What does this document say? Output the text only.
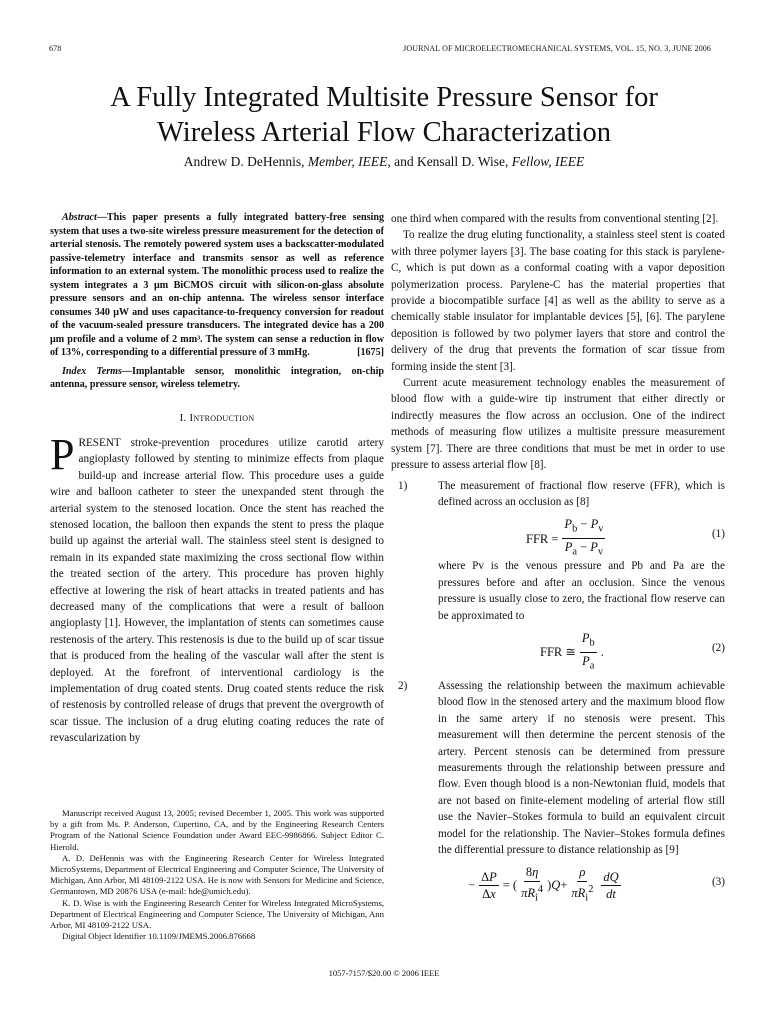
678	JOURNAL OF MICROELECTROMECHANICAL SYSTEMS, VOL. 15, NO. 3, JUNE 2006
A Fully Integrated Multisite Pressure Sensor for
Wireless Arterial Flow Characterization
Andrew D. DeHennis, Member, IEEE, and Kensall D. Wise, Fellow, IEEE

Abstract—This paper presents a fully integrated battery-free sensing system that uses a two-site wireless pressure measurement for the detection of arterial stenosis. The remotely powered system uses a backscatter-modulated passive-telemetry interface and transmits sensor as well as reference information to an external system. The monolithic process used to realize the system integrates a 3 μm BiCMOS circuit with silicon-on-glass absolute pressure sensors and an on-chip antenna. The wireless sensor interface consumes 340 μW and uses capacitance-to-frequency conversion for readout of the vacuum-sealed pressure transducers. The integrated device has a 200 μm profile and a volume of 2 mm³. The system can sense a reduction in flow of 13%, corresponding to a differential pressure of 3 mmHg.	[1675]

Index Terms—Implantable sensor, monolithic integration, on-chip antenna, pressure sensor, wireless telemetry.

I. Introduction

PRESENT stroke-prevention procedures utilize carotid artery angioplasty followed by stenting to minimize effects from plaque build-up and increase arterial flow. This procedure uses a guide wire and balloon catheter to steer the unexpanded stent through the arterial system to the stenosed location. Once the stent has reached the stenosed location, the balloon then expands the stent to press the plaque build up against the arterial wall. The stainless steel stent is designed to remain in its expanded state maximizing the cross sectional flow within the treated section of the artery. This procedure has proven highly effective at lowering the risk of heart attacks in treated patients and has decreased many of the complications that were a result of balloon angioplasty [1]. However, the implantation of stents can sometimes cause restenosis of the artery. This restenosis is due to the build up of scar tissue that is produced from the healing of the vascular wall after the stent is deployed. At the forefront of interventional cardiology is the implementation of drug coated stents. Drug coated stents reduce the risk of restenosis by controlled release of drugs that prevent the overgrowth of scar tissue. The inclusion of a drug eluting coating reduces the rate of revascularization by

Manuscript received August 13, 2005; revised December 1, 2005. This work was supported by a gift from Ms. P. Anderson, Cupertino, CA, and by the Engineering Research Centers Program of the National Science Foundation under Award EEC-9986866. Subject Editor C. Hierold.

A. D. DeHennis was with the Engineering Research Center for Wireless Integrated MicroSystems, Department of Electrical Engineering and Computer Science, The University of Michigan, Ann Arbor, MI 48109-2122 USA. He is now with Sensors for Medicine and Science, Germantown, MD 20876 USA (e-mail: hde@umich.edu).

K. D. Wise is with the Engineering Research Center for Wireless Integrated MicroSystems, Department of Electrical Engineering and Computer Science, The University of Michigan, Ann Arbor, MI 48109-2122 USA.

Digital Object Identifier 10.1109/JMEMS.2006.876668

one third when compared with the results from conventional stenting [2].

To realize the drug eluting functionality, a stainless steel stent is coated with three polymer layers [3]. The base coating for this stack is parylene-C, which is put down as a conformal coating with a vapor deposition polymerization process. Parylene-C has the material properties that provide a biocompatible surface [4] as well as the ability to serve as a chemically stable insulator for implantable devices [5], [6]. The parylene deposition is followed by two polymer layers that store and control the delivery of the drug that prevents the formation of scar tissue from forming inside the stent [3].

Current acute measurement technology enables the measurement of blood flow with a guide-wire tip instrument that either directly or indirectly measures the flow across an occlusion. One of the indirect methods of measuring flow utilizes a multisite pressure measurement system [7]. There are three conditions that must be met in order to use pressure to assess arterial flow [8].

1)	The measurement of fractional flow reserve (FFR), which is defined across an occlusion as [8]

FFR = $\frac{P_b - P_v}{P_a - P_v}$	(1)

where Pv is the venous pressure and Pb and Pa are the pressures before and after an occlusion. Since the venous pressure is usually close to zero, the fractional flow reserve can be approximated to

FFR ≅ $\frac{P_b}{P_a}$ .	(2)
2)	Assessing the relationship between the maximum achievable blood flow in the stenosed artery and the maximum blood flow in the same artery if no stenosis were present. This measurement will then determine the percent stenosis of the artery. Percent stenosis can be determined from pressure measurements through the relationship between pressure and flow. Even though blood is a non-Newtonian fluid, models that are not based on finite-element modeling of arterial flow still use the Navier–Stokes formula to build an equivalent circuit model for the relationship. The Navier–Stokes formula defines the differential pressure to distance relationship as [9]

− $\frac{\Delta P}{\Delta x}$ = ( $\frac{8\eta}{\pi R_i^4}$ ) $Q + \frac{\rho}{\pi R_i^2} \frac{dQ}{dt}$	(3)
1057-7157/$20.00 © 2006 IEEE
